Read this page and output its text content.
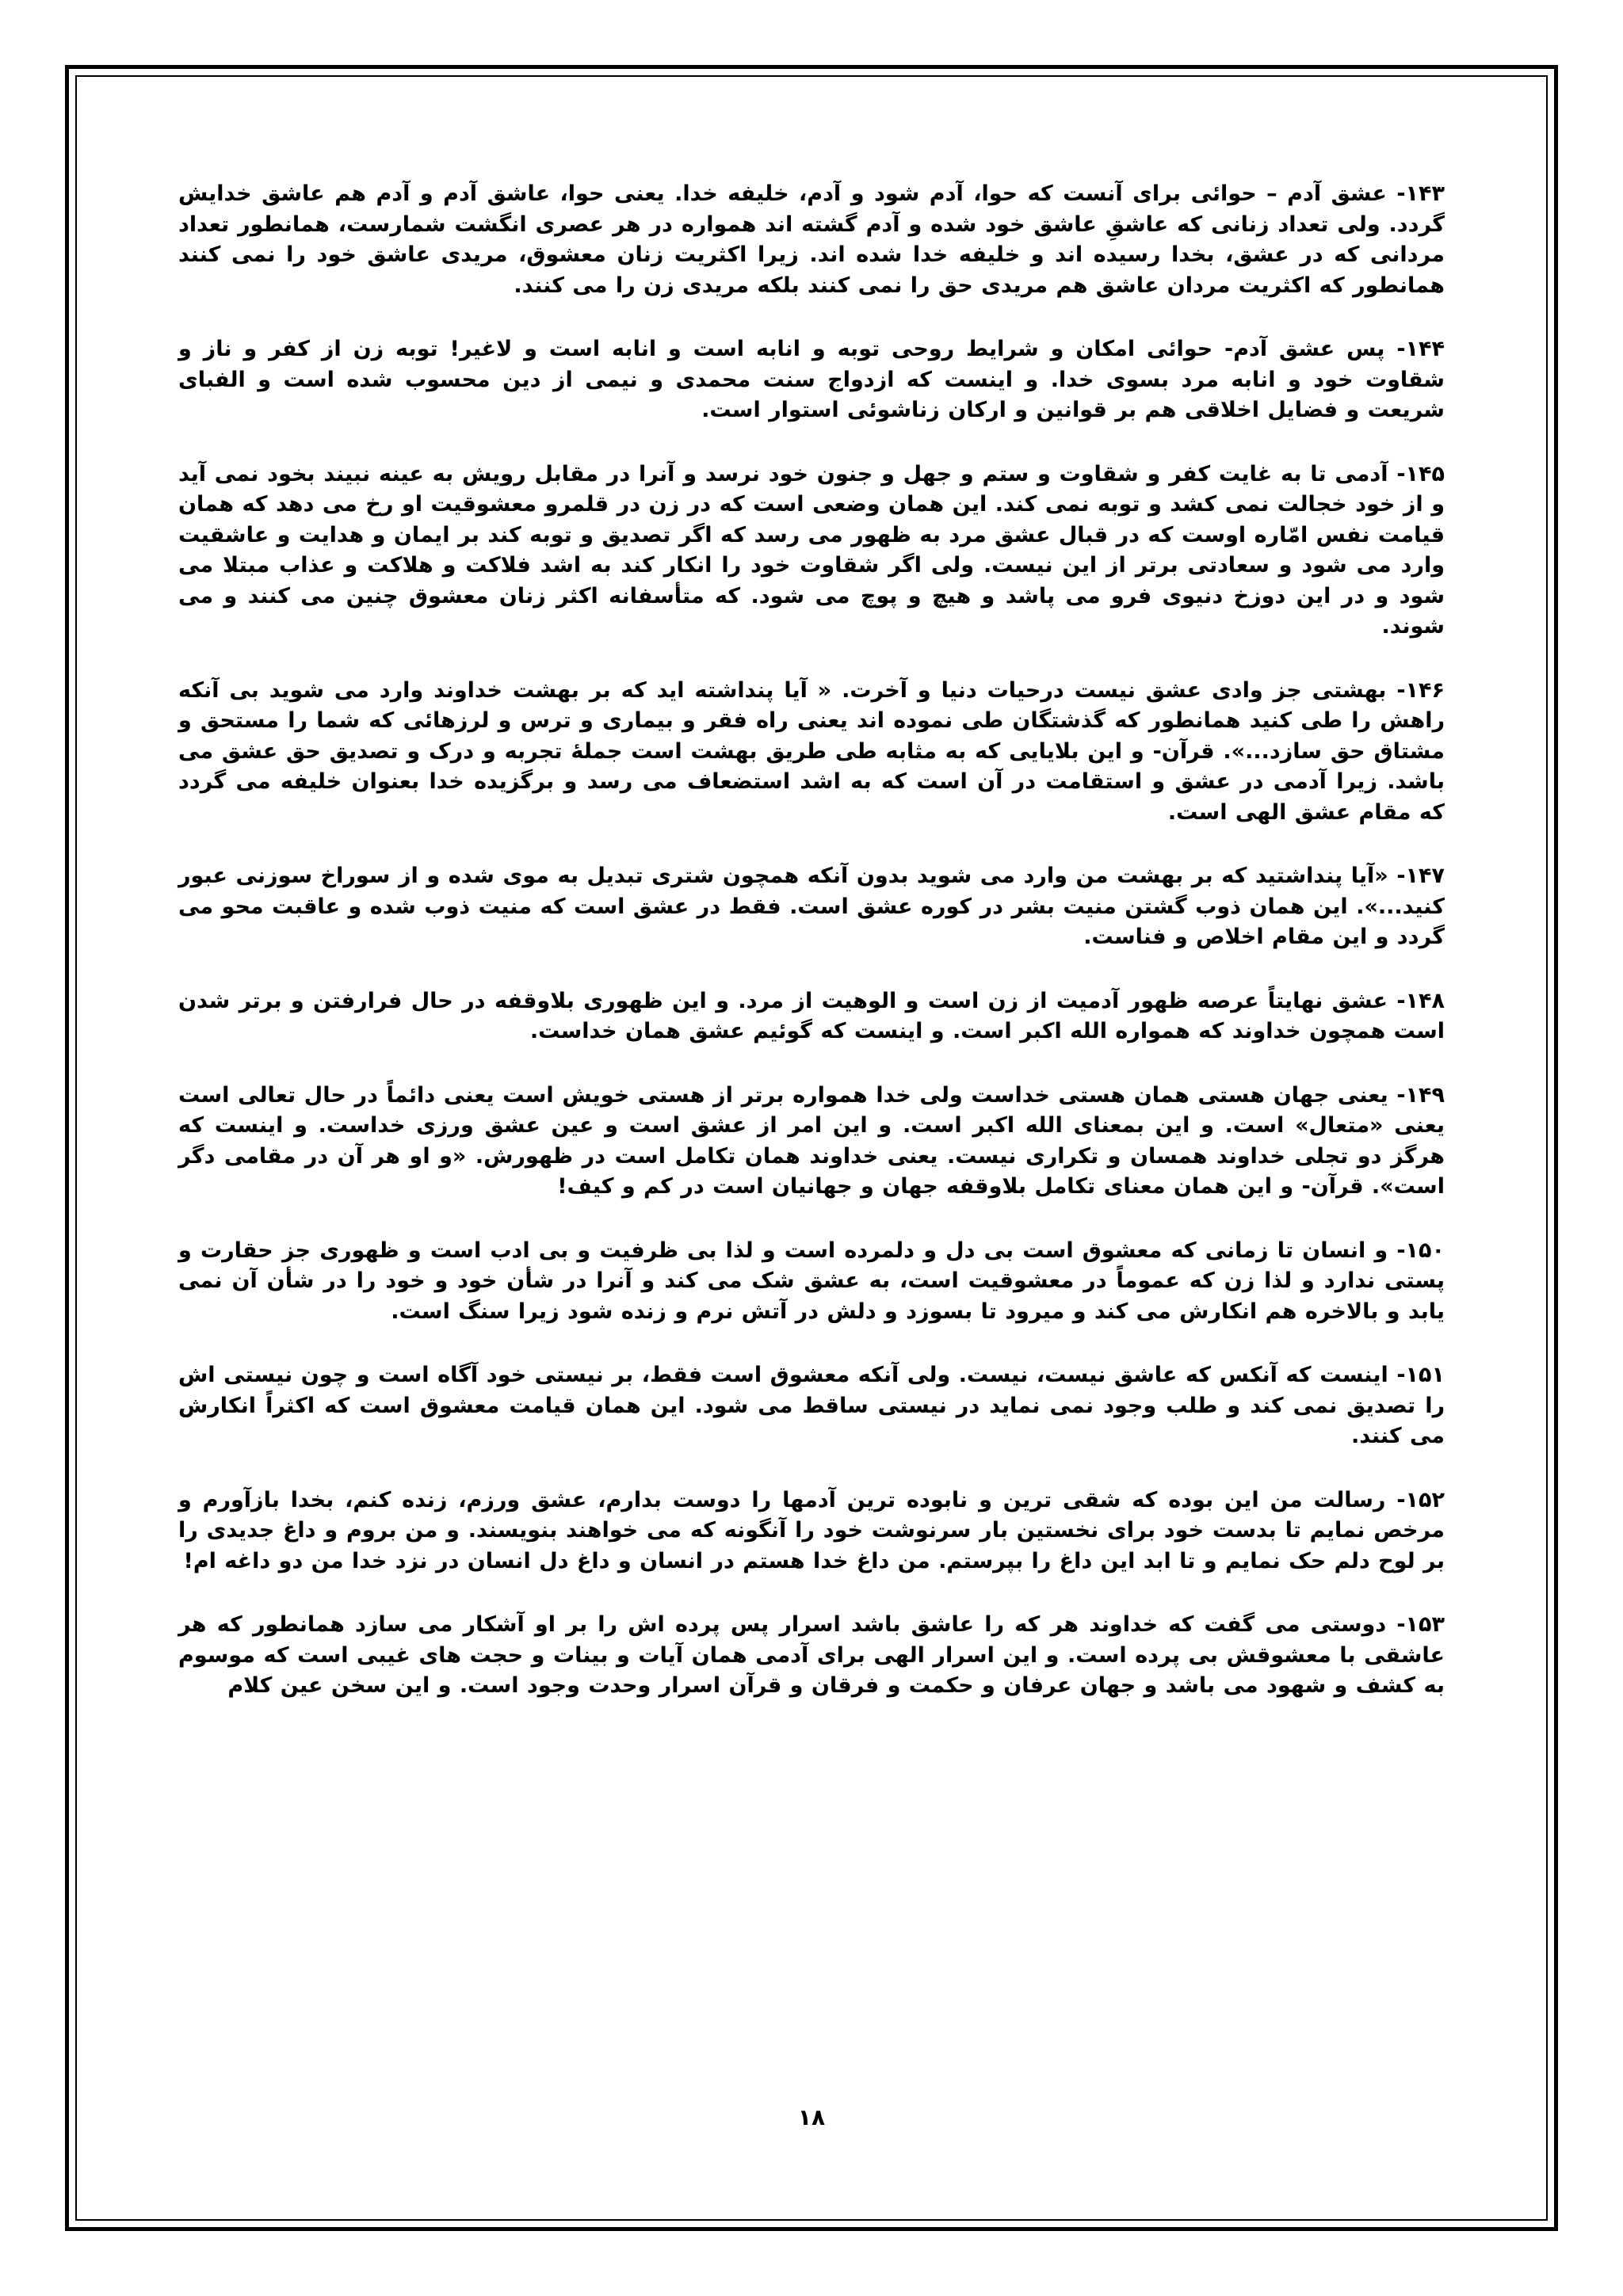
۱۴۳- عشق آدم – حوائی برای آنست که حوا، آدم شود و آدم، خلیفه خدا. یعنی حوا، عاشق آدم و آدم هم عاشق خدایش گردد. ولی تعداد زنانی که عاشقِ عاشق خود شده و آدم گشته اند همواره در هر عصری انگشت شمارست، همانطور تعداد مردانی که در عشق، بخدا رسیده اند و خلیفه خدا شده اند. زیرا اکثریت زنان معشوق، مریدی عاشق خود را نمی کنند همانطور که اکثریت مردان عاشق هم مریدی حق را نمی کنند بلکه مریدی زن را می کنند.

۱۴۴- پس عشق آدم- حوائی امکان و شرایط روحی توبه و انابه است و انابه است و لاغیر! توبه زن از کفر و ناز و شقاوت خود و انابه مرد بسوی خدا. و اینست که ازدواج سنت محمدی و نیمی از دین محسوب شده است و الفبای شریعت و فضایل اخلاقی هم بر قوانین و ارکان زناشوئی استوار است.

۱۴۵- آدمی تا به غایت کفر و شقاوت و ستم و جهل و جنون خود نرسد و آنرا در مقابل رویش به عینه نبیند بخود نمی آید و از خود خجالت نمی کشد و توبه نمی کند. این همان وضعی است که در زن در قلمرو معشوقیت او رخ می دهد که همان قیامت نفس امّاره اوست که در قبال عشق مرد به ظهور می رسد که اگر تصدیق و توبه کند بر ایمان و هدایت و عاشقیت وارد می شود و سعادتی برتر از این نیست. ولی اگر شقاوت خود را انکار کند به اشد فلاکت و هلاکت و عذاب مبتلا می شود و در این دوزخ دنیوی فرو می پاشد و هیچ و پوچ می شود. که متأسفانه اکثر زنان معشوق چنین می کنند و می شوند.

۱۴۶- بهشتی جز وادی عشق نیست درحیات دنیا و آخرت. « آیا پنداشته اید که بر بهشت خداوند وارد می شوید بی آنکه راهش را طی کنید همانطور که گذشتگان طی نموده اند یعنی راه فقر و بیماری و ترس و لرزهائی که شما را مستحق و مشتاق حق سازد...». قرآن- و این بلایایی که به مثابه طی طریق بهشت است جملهٔ تجربه و درک و تصدیق حق عشق می باشد. زیرا آدمی در عشق و استقامت در آن است که به اشد استضعاف می رسد و برگزیده خدا بعنوان خلیفه می گردد که مقام عشق الهی است.

۱۴۷- «آیا پنداشتید که بر بهشت من وارد می شوید بدون آنکه همچون شتری تبدیل به موی شده و از سوراخ سوزنی عبور کنید...». این همان ذوب گشتن منیت بشر در کوره عشق است. فقط در عشق است که منیت ذوب شده و عاقبت محو می گردد و این مقام اخلاص و فناست.

۱۴۸- عشق نهایتاً عرصه ظهور آدمیت از زن است و الوهیت از مرد. و این ظهوری بلاوقفه در حال فرارفتن و برتر شدن است همچون خداوند که همواره الله اکبر است. و اینست که گوئیم عشق همان خداست.

۱۴۹- یعنی جهان هستی همان هستی خداست ولی خدا همواره برتر از هستی خویش است یعنی دائماً در حال تعالی است یعنی «متعال» است. و این بمعنای الله اکبر است. و این امر از عشق است و عین عشق ورزی خداست. و اینست که هرگز دو تجلی خداوند همسان و تکراری نیست. یعنی خداوند همان تکامل است در ظهورش. «و او هر آن در مقامی دگر است». قرآن- و این همان معنای تکامل بلاوقفه جهان و جهانیان است در کم و کیف!

۱۵۰- و انسان تا زمانی که معشوق است بی دل و دلمرده است و لذا بی ظرفیت و بی ادب است و ظهوری جز حقارت و پستی ندارد و لذا زن که عموماً در معشوقیت است، به عشق شک می کند و آنرا در شأن خود و خود را در شأن آن نمی یابد و بالاخره هم انکارش می کند و میرود تا بسوزد و دلش در آتش نرم و زنده شود زیرا سنگ است.

۱۵۱- اینست که آنکس که عاشق نیست، نیست. ولی آنکه معشوق است فقط، بر نیستی خود آگاه است و چون نیستی اش را تصدیق نمی کند و طلب وجود نمی نماید در نیستی ساقط می شود. این همان قیامت معشوق است که اکثراً انکارش می کنند.

۱۵۲- رسالت من این بوده که شقی ترین و نابوده ترین آدمها را دوست بدارم، عشق ورزم، زنده کنم، بخدا بازآورم و مرخص نمایم تا بدست خود برای نخستین بار سرنوشت خود را آنگونه که می خواهند بنویسند. و من بروم و داغ جدیدی را بر لوح دلم حک نمایم و تا ابد این داغ را بپرستم. من داغ خدا هستم در انسان و داغ دل انسان در نزد خدا من دو داغه ام!

۱۵۳- دوستی می گفت که خداوند هر که را عاشق باشد اسرار پس پرده اش را بر او آشکار می سازد همانطور که هر عاشقی با معشوقش بی پرده است. و این اسرار الهی برای آدمی همان آیات و بینات و حجت های غیبی است که موسوم به کشف و شهود می باشد و جهان عرفان و حکمت و فرقان و قرآن اسرار وحدت وجود است. و این سخن عین کلام

۱۸
